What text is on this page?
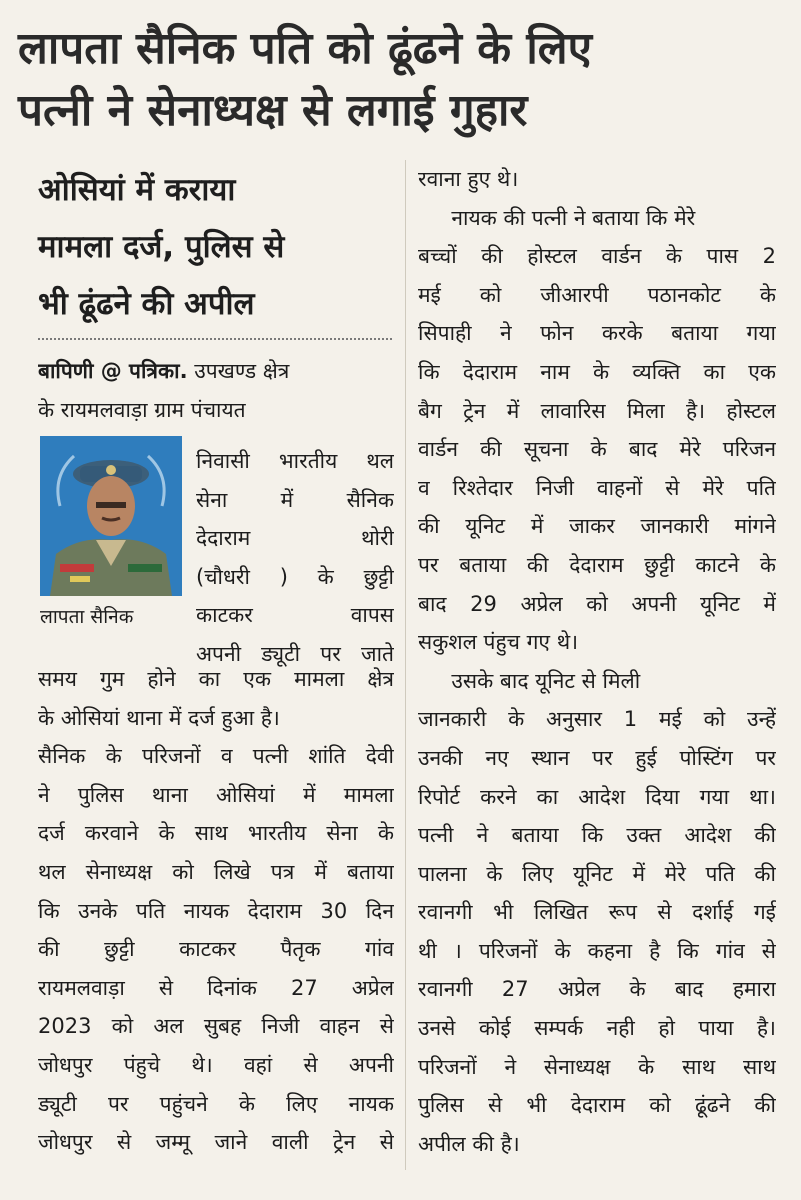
लापता सैनिक पति को ढूंढने के लिए
पत्नी ने सेनाध्यक्ष से लगाई गुहार
ओसियां में कराया
मामला दर्ज, पुलिस से
भी ढूंढने की अपील
बापिणी @ पत्रिका. उपखण्ड क्षेत्र
के रायमलवाड़ा ग्राम पंचायत
लापता सैनिक
निवासी भारतीय थल
सेना में सैनिक
देदाराम थोरी
(चौधरी ) के छुट्टी
काटकर वापस
अपनी ड्यूटी पर जाते
समय गुम होने का एक मामला क्षेत्र
के ओसियां थाना में दर्ज हुआ है।
सैनिक के परिजनों व पत्नी शांति देवी
ने पुलिस थाना ओसियां में मामला
दर्ज करवाने के साथ भारतीय सेना के
थल सेनाध्यक्ष को लिखे पत्र में बताया
कि उनके पति नायक देदाराम 30 दिन
की छुट्टी काटकर पैतृक गांव
रायमलवाड़ा से दिनांक 27 अप्रेल
2023 को अल सुबह निजी वाहन से
जोधपुर पंहुचे थे। वहां से अपनी
ड्यूटी पर पहुंचने के लिए नायक
जोधपुर से जम्मू जाने वाली ट्रेन से
रवाना हुए थे।
नायक की पत्नी ने बताया कि मेरे
बच्चों की होस्टल वार्डन के पास 2
मई को जीआरपी पठानकोट के
सिपाही ने फोन करके बताया गया
कि देदाराम नाम के व्यक्ति का एक
बैग ट्रेन में लावारिस मिला है। होस्टल
वार्डन की सूचना के बाद मेरे परिजन
व रिश्तेदार निजी वाहनों से मेरे पति
की यूनिट में जाकर जानकारी मांगने
पर बताया की देदाराम छुट्टी काटने के
बाद 29 अप्रेल को अपनी यूनिट में
सकुशल पंहुच गए थे।
उसके बाद यूनिट से मिली
जानकारी के अनुसार 1 मई को उन्हें
उनकी नए स्थान पर हुई पोस्टिंग पर
रिपोर्ट करने का आदेश दिया गया था।
पत्नी ने बताया कि उक्त आदेश की
पालना के लिए यूनिट में मेरे पति की
रवानगी भी लिखित रूप से दर्शाई गई
थी । परिजनों के कहना है कि गांव से
रवानगी 27 अप्रेल के बाद हमारा
उनसे कोई सम्पर्क नही हो पाया है।
परिजनों ने सेनाध्यक्ष के साथ साथ
पुलिस से भी देदाराम को ढूंढने की
अपील की है।
